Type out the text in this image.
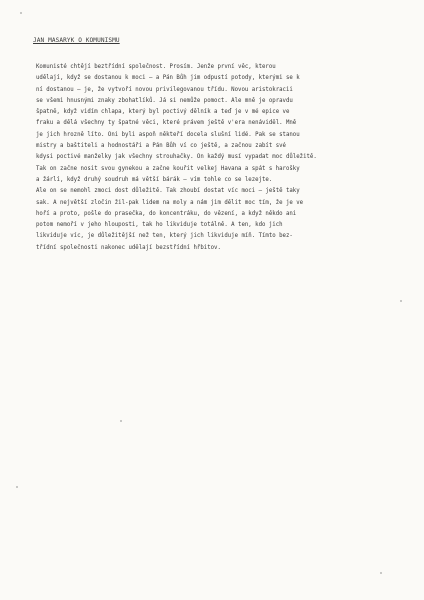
JAN MASARYK O KOMUNISMU
Komunisté chtějí beztřídní společnost. Prosím. Jenže první věc, kterou
udělají, když se dostanou k moci – a Pán Bůh jim odpustí potody, kterými se k
ní dostanou – je, že vytvoří novou privilegovanou třídu. Novou aristokracii
se všemi hnusnými znaky zbohatlíků. Já si nemůže pomoct. Ale mně je opravdu
špatně, když vidím chlapa, který byl poctivý dělník a teď je v mé epice ve
fraku a dělá všechny ty špatné věci, které právem ještě v'era nenáviděl. Mně
je jich hrozně líto. Oni byli aspoň někteří docela slušní lidé. Pak se stanou
mistry a baštiteli a hodnostáři a Pán Bůh ví co ještě, a začnou zabít své
kdysi poctivé manželky jak všechny strouhačky. On každý musí vypadat moc důležitě.
Tak on začne nosit svou gynekou a začne kouřit velkej Havana a spát s harošky
a žárlí, když druhý soudruh má větší bárák – vím tohle co se lezejte.
Ale on se nemohl zmoci dost důležitě. Tak zhoubí dostat víc moci – ještě taky
sak. A největší zločin žil-pak lidem na moly a nám jim dělit moc tím, že je ve
hoří a proto, pošle do prasečka, do koncentráku, do vězení, a když někdo ani
potom nemoří v jeho hlouposti, tak ho likviduje totálně. A ten, kdo jich
likviduje víc, je důležitější než ten, který jich likviduje míň. Tímto bez-
třídní společnosti nakonec udělají bezstřídní hřbitov.
